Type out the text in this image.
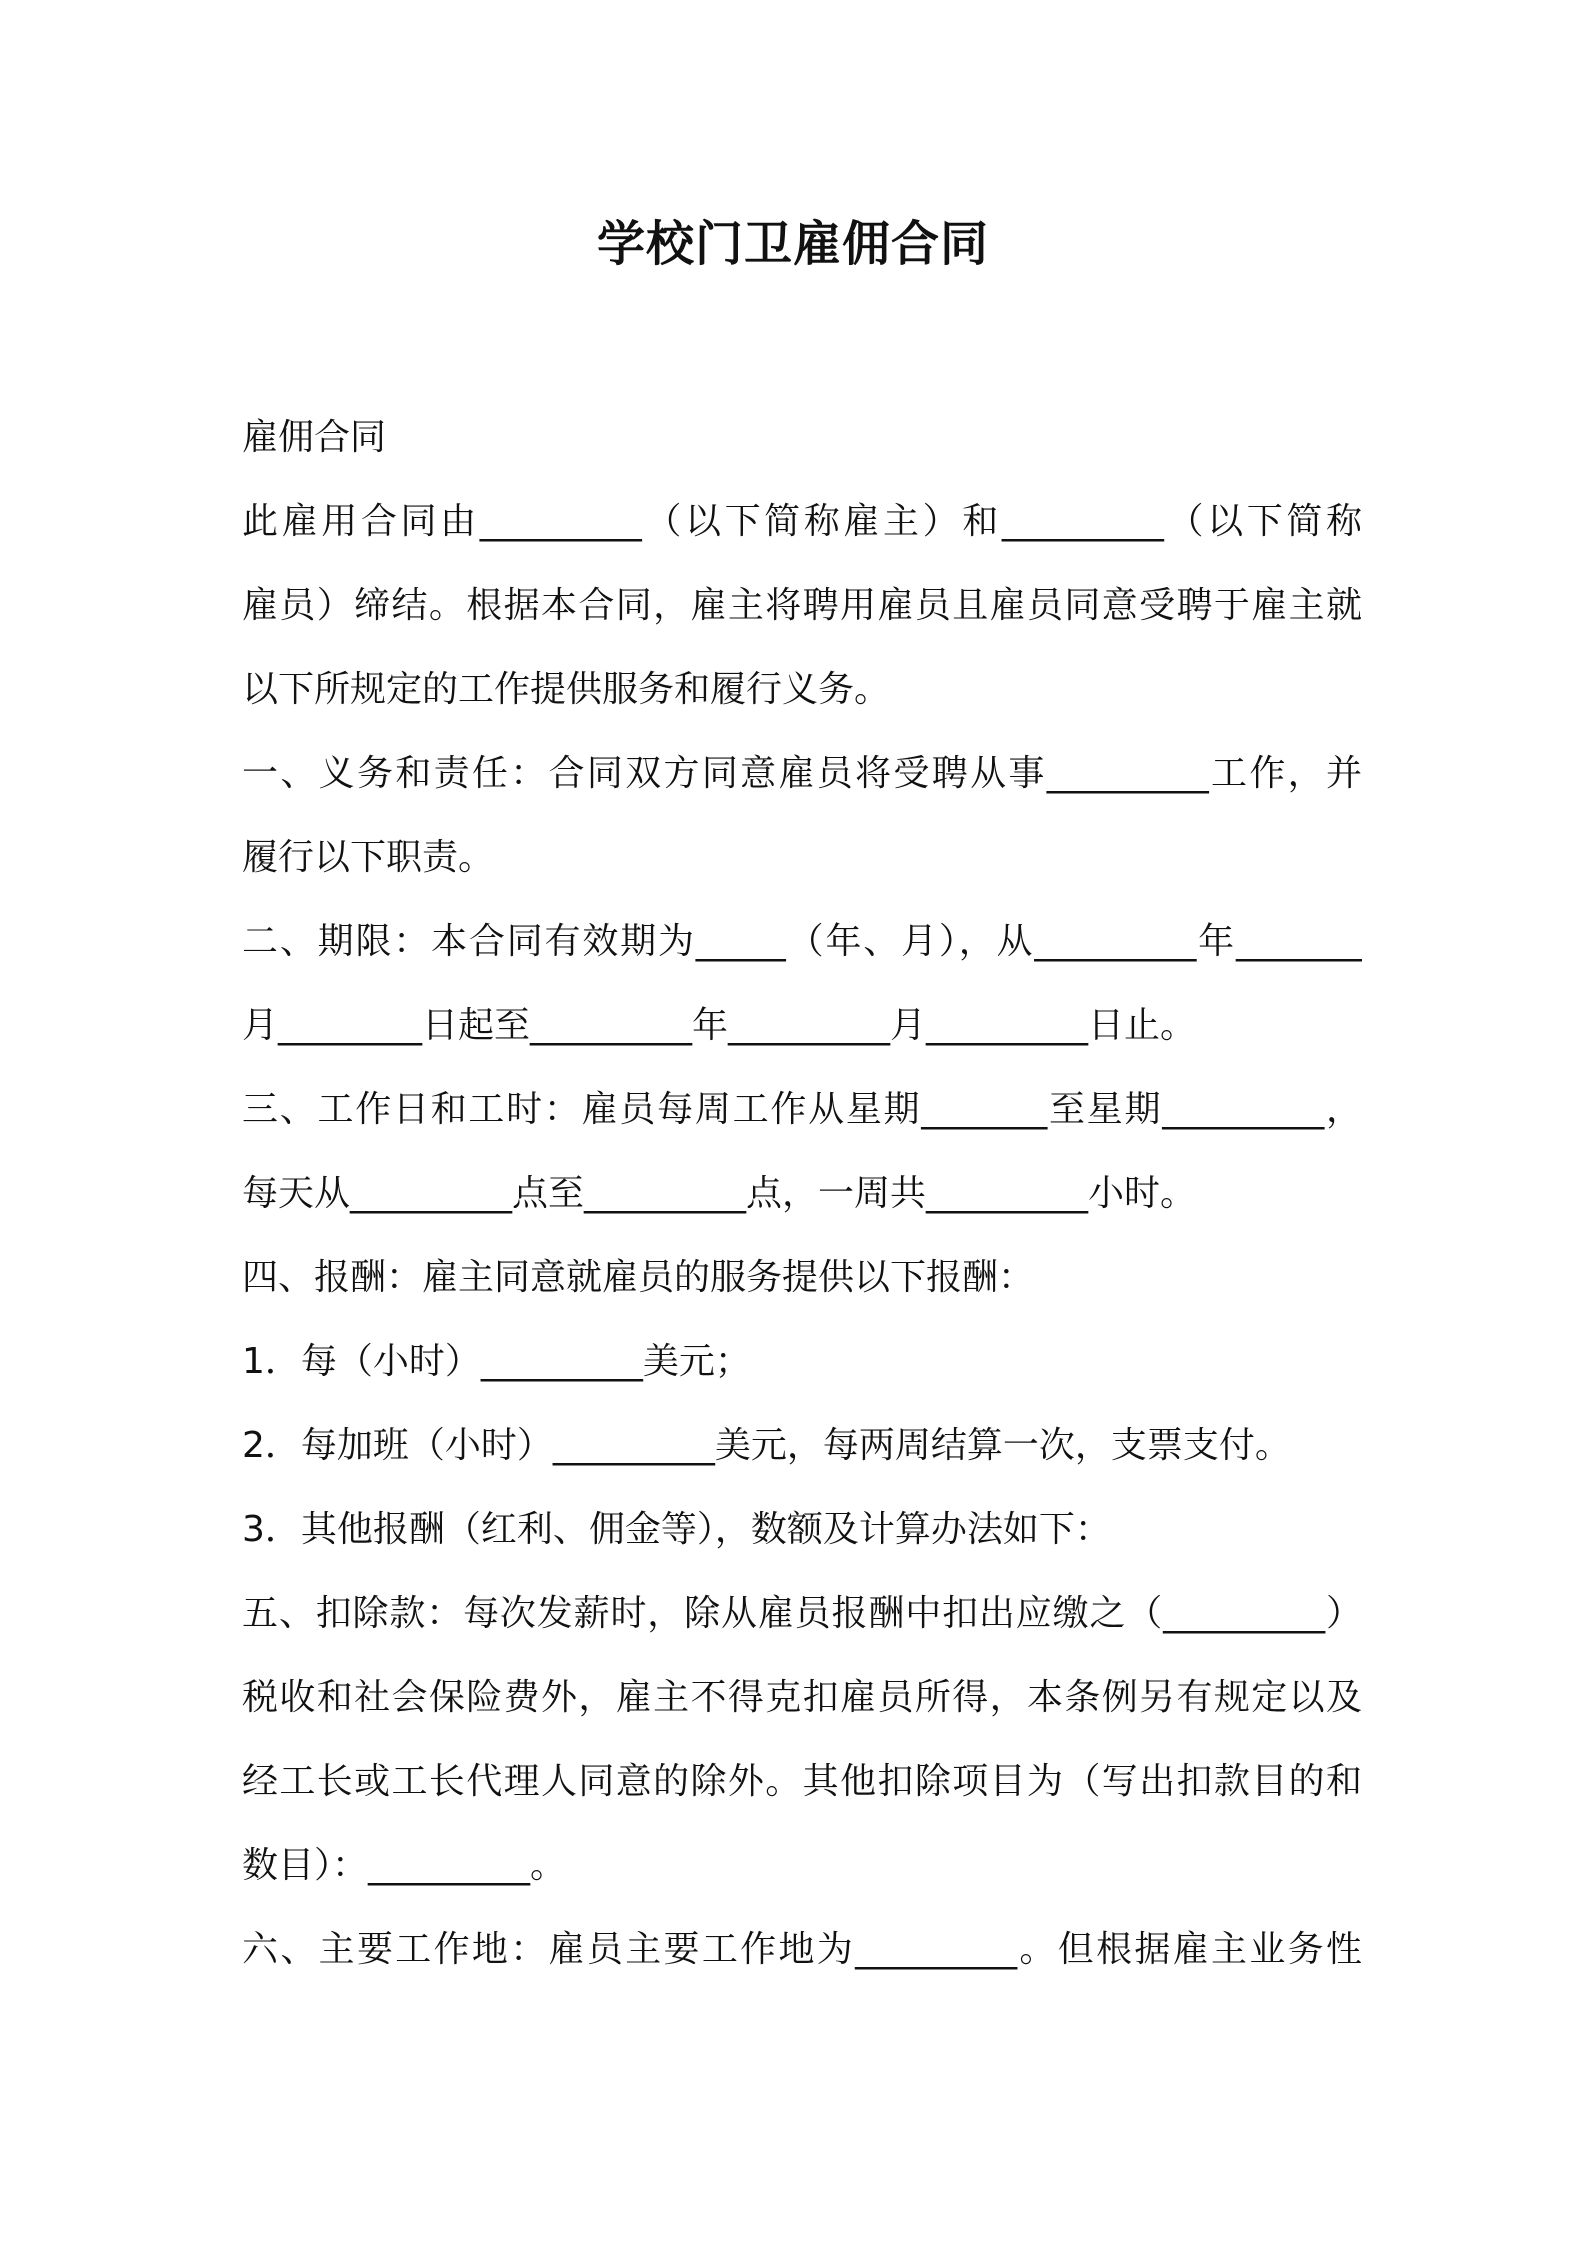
学校门卫雇佣合同

雇佣合同

此雇用合同由_________（以下简称雇主）和_________（以下简称

雇员）缔结。根据本合同，雇主将聘用雇员且雇员同意受聘于雇主就

以下所规定的工作提供服务和履行义务。

一、义务和责任：合同双方同意雇员将受聘从事_________工作，并

履行以下职责。

二、期限：本合同有效期为_____（年、月），从_________年_______

月________日起至_________年_________月_________日止。

三、工作日和工时：雇员每周工作从星期_______至星期_________，

每天从_________点至_________点，一周共_________小时。

四、报酬：雇主同意就雇员的服务提供以下报酬：

1．每（小时）_________美元；

2．每加班（小时）_________美元，每两周结算一次，支票支付。

3．其他报酬（红利、佣金等），数额及计算办法如下：

五、扣除款：每次发薪时，除从雇员报酬中扣出应缴之（_________）

税收和社会保险费外，雇主不得克扣雇员所得，本条例另有规定以及

经工长或工长代理人同意的除外。其他扣除项目为（写出扣款目的和

数目）：_________。

六、主要工作地：雇员主要工作地为_________。但根据雇主业务性
